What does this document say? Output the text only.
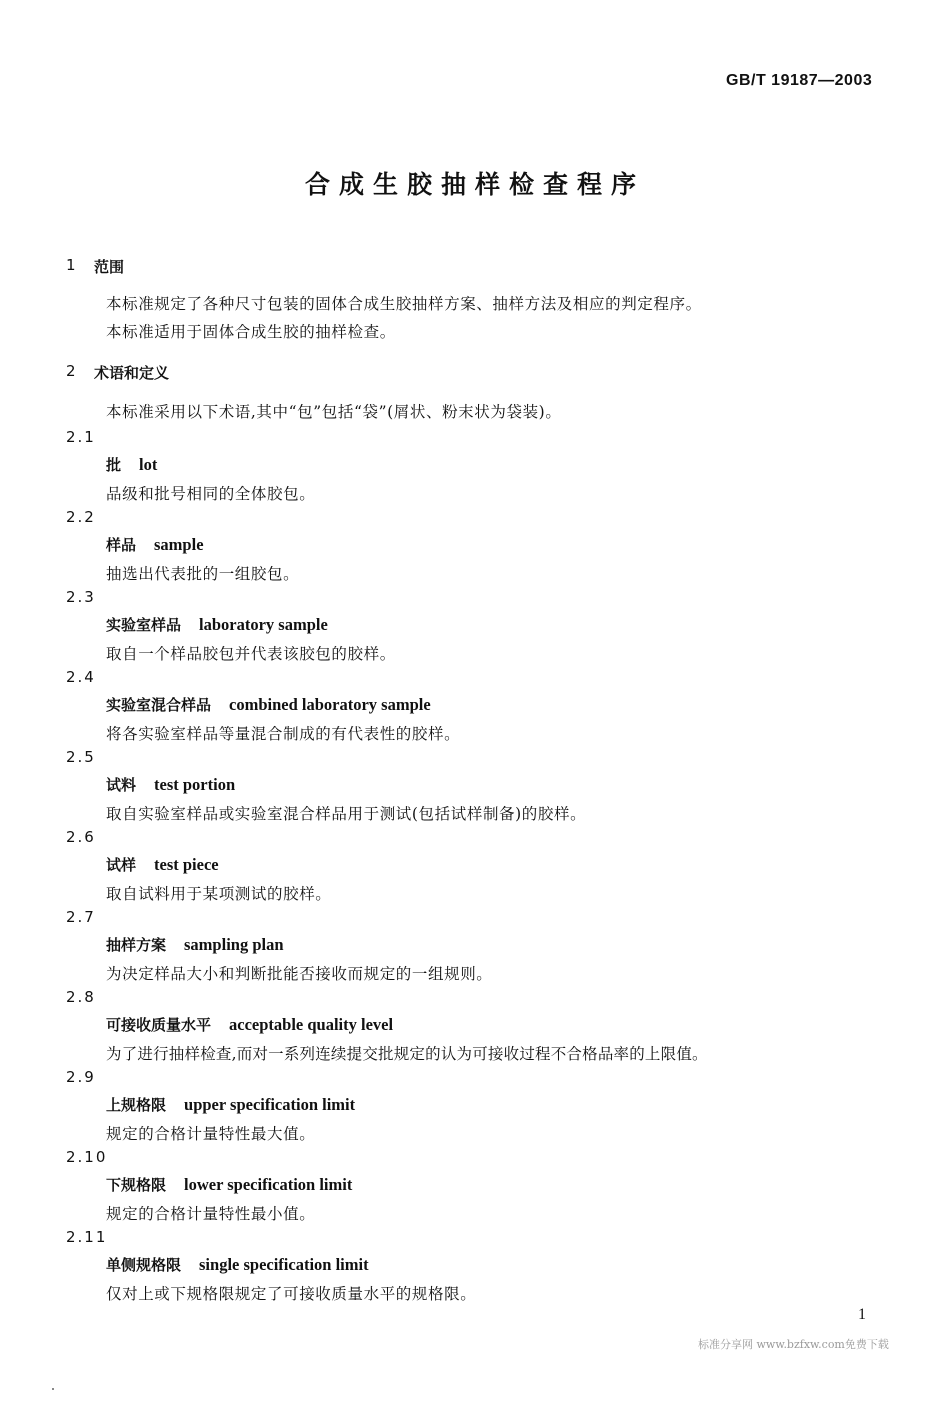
GB/T 19187—2003
合成生胶抽样检查程序
1 范围
本标准规定了各种尺寸包装的固体合成生胶抽样方案、抽样方法及相应的判定程序。
本标准适用于固体合成生胶的抽样检查。
2 术语和定义
本标准采用以下术语,其中“包”包括“袋”(屑状、粉末状为袋装)。
2.1
批 lot
品级和批号相同的全体胶包。
2.2
样品 sample
抽选出代表批的一组胶包。
2.3
实验室样品 laboratory sample
取自一个样品胶包并代表该胶包的胶样。
2.4
实验室混合样品 combined laboratory sample
将各实验室样品等量混合制成的有代表性的胶样。
2.5
试料 test portion
取自实验室样品或实验室混合样品用于测试(包括试样制备)的胶样。
2.6
试样 test piece
取自试料用于某项测试的胶样。
2.7
抽样方案 sampling plan
为决定样品大小和判断批能否接收而规定的一组规则。
2.8
可接收质量水平 acceptable quality level
为了进行抽样检查,而对一系列连续提交批规定的认为可接收过程不合格品率的上限值。
2.9
上规格限 upper specification limit
规定的合格计量特性最大值。
2.10
下规格限 lower specification limit
规定的合格计量特性最小值。
2.11
单侧规格限 single specification limit
仅对上或下规格限规定了可接收质量水平的规格限。
1
标准分享网 www.bzfxw.com免费下载
